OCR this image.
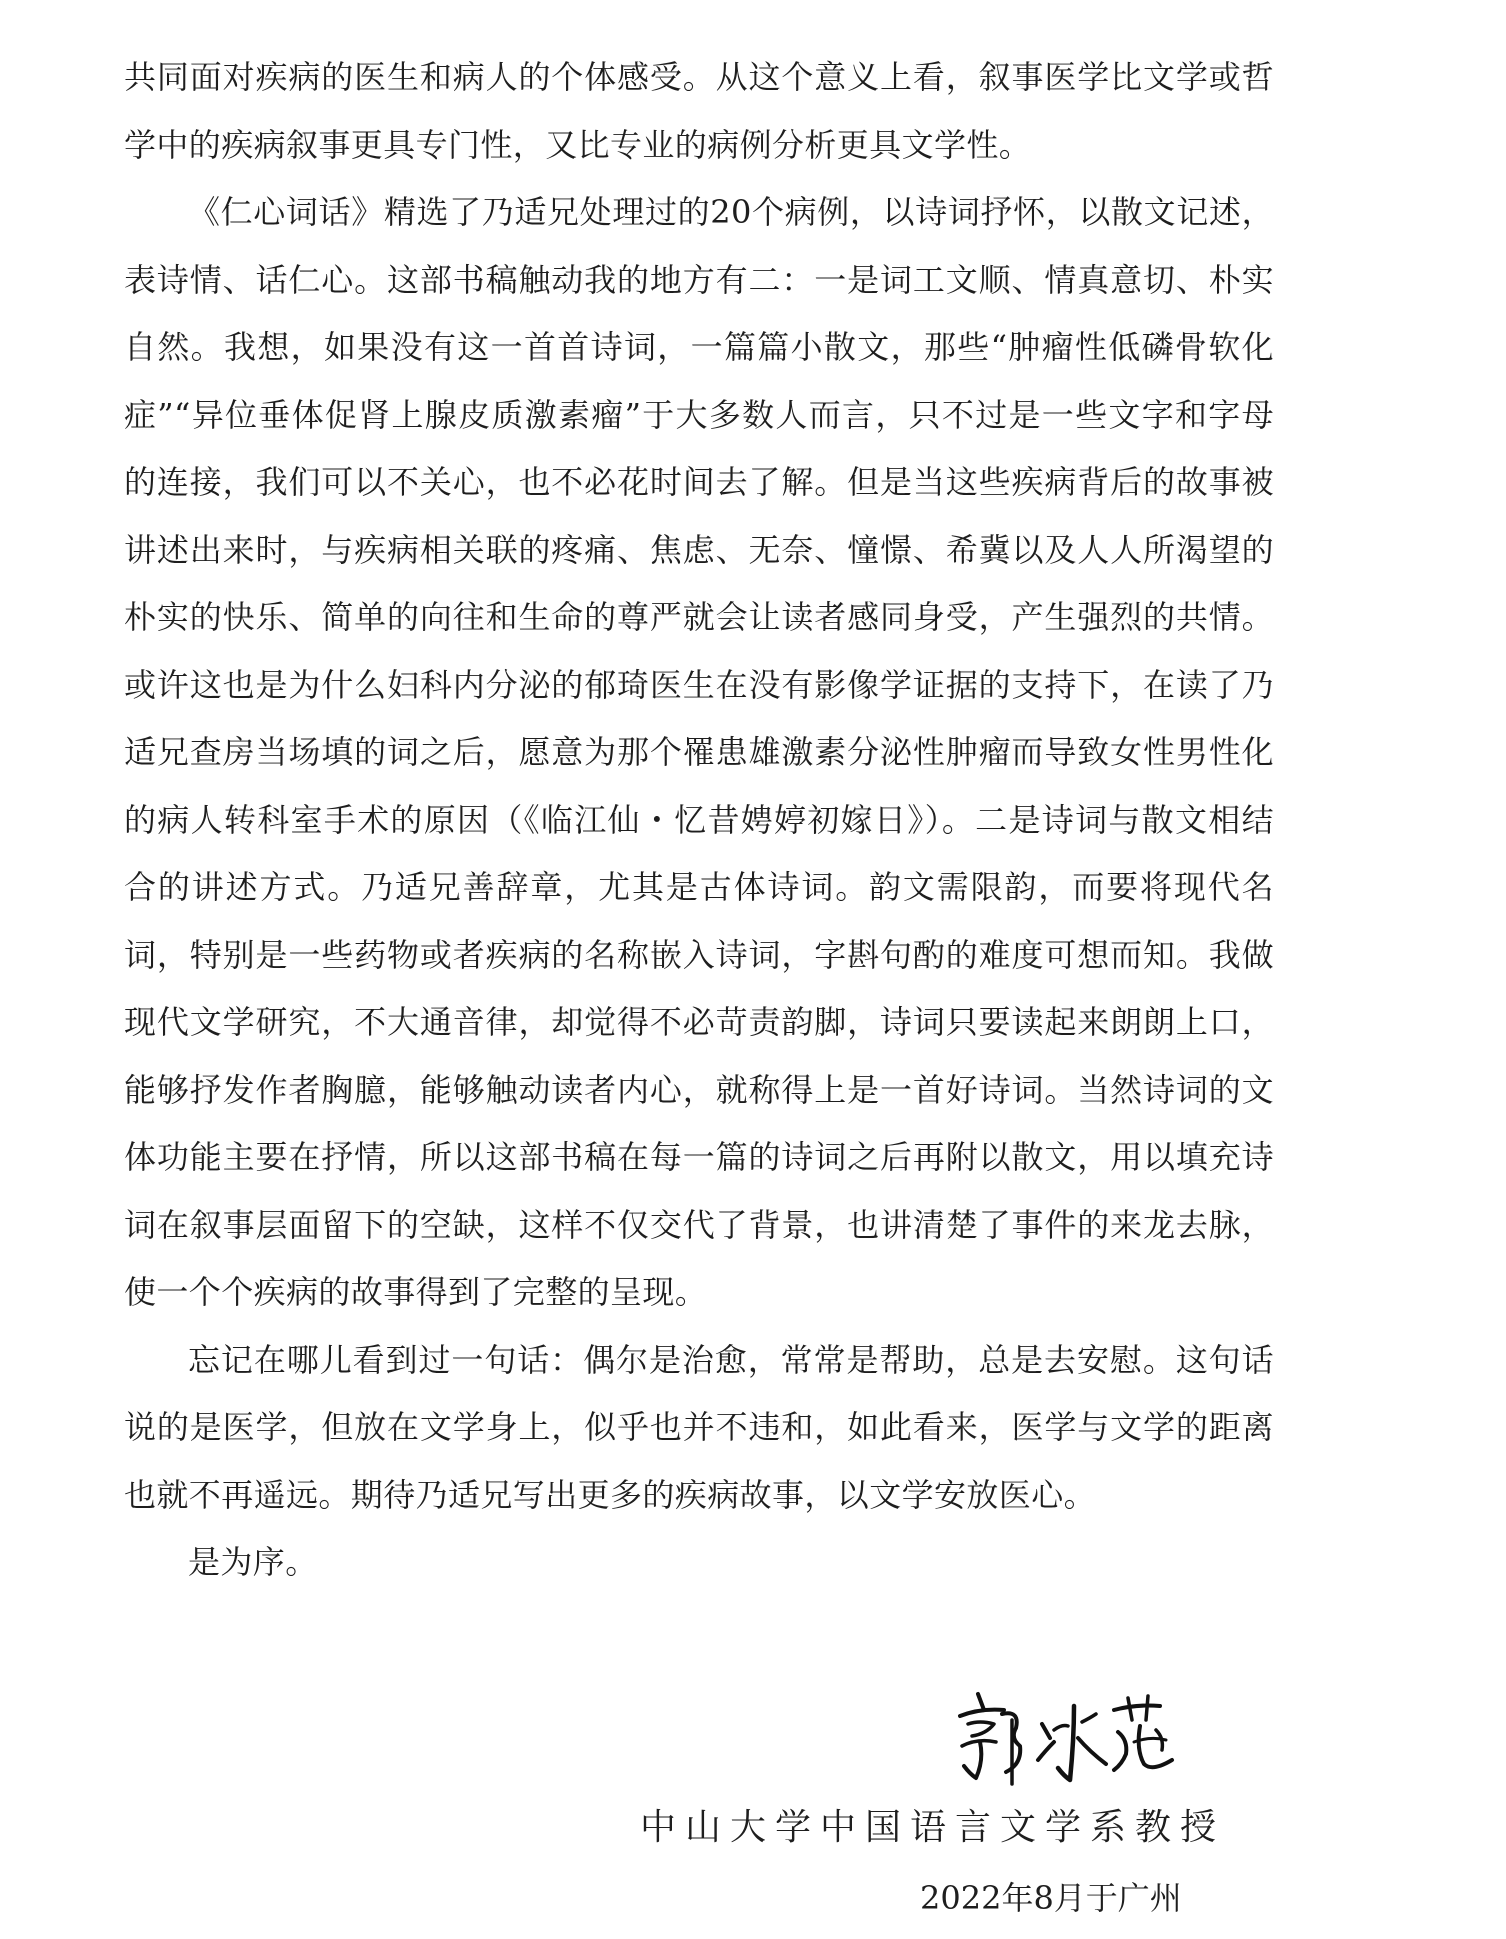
共同面对疾病的医生和病人的个体感受。从这个意义上看，叙事医学比文学或哲学中的疾病叙事更具专门性，又比专业的病例分析更具文学性。

《仁心词话》精选了乃适兄处理过的20个病例，以诗词抒怀，以散文记述，表诗情、话仁心。这部书稿触动我的地方有二：一是词工文顺、情真意切、朴实自然。我想，如果没有这一首首诗词，一篇篇小散文，那些“肿瘤性低磷骨软化症”“异位垂体促肾上腺皮质激素瘤”于大多数人而言，只不过是一些文字和字母的连接，我们可以不关心，也不必花时间去了解。但是当这些疾病背后的故事被讲述出来时，与疾病相关联的疼痛、焦虑、无奈、憧憬、希冀以及人人所渴望的朴实的快乐、简单的向往和生命的尊严就会让读者感同身受，产生强烈的共情。或许这也是为什么妇科内分泌的郁琦医生在没有影像学证据的支持下，在读了乃适兄查房当场填的词之后，愿意为那个罹患雄激素分泌性肿瘤而导致女性男性化的病人转科室手术的原因（《临江仙・忆昔娉婷初嫁日》）。二是诗词与散文相结合的讲述方式。乃适兄善辞章，尤其是古体诗词。韵文需限韵，而要将现代名词，特别是一些药物或者疾病的名称嵌入诗词，字斟句酌的难度可想而知。我做现代文学研究，不大通音律，却觉得不必苛责韵脚，诗词只要读起来朗朗上口，能够抒发作者胸臆，能够触动读者内心，就称得上是一首好诗词。当然诗词的文体功能主要在抒情，所以这部书稿在每一篇的诗词之后再附以散文，用以填充诗词在叙事层面留下的空缺，这样不仅交代了背景，也讲清楚了事件的来龙去脉，使一个个疾病的故事得到了完整的呈现。

忘记在哪儿看到过一句话：偶尔是治愈，常常是帮助，总是去安慰。这句话说的是医学，但放在文学身上，似乎也并不违和，如此看来，医学与文学的距离也就不再遥远。期待乃适兄写出更多的疾病故事，以文学安放医心。

是为序。

中山大学中国语言文学系教授
2022年8月于广州
